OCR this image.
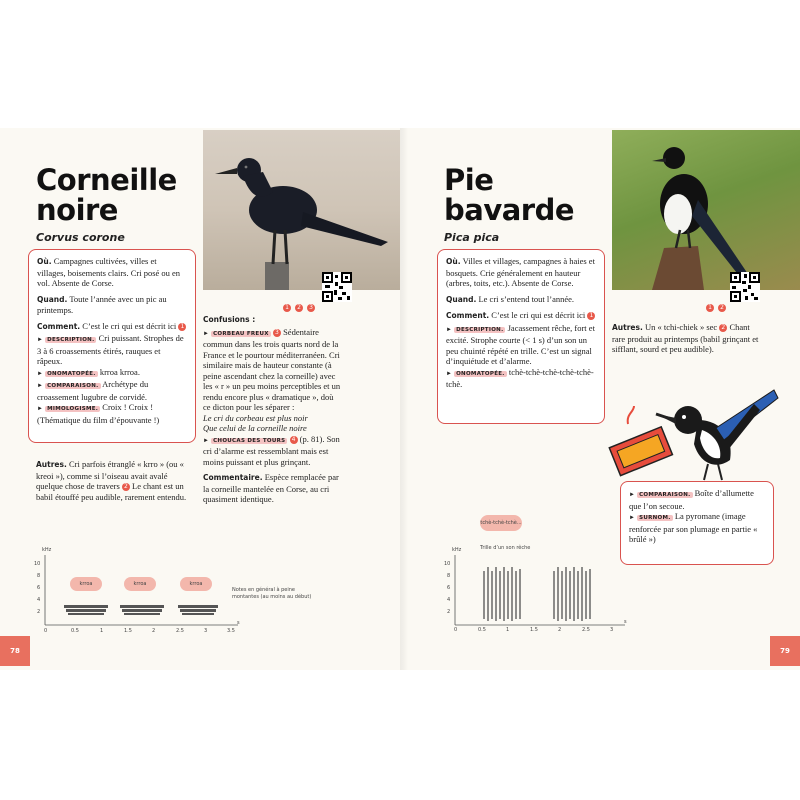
Corneille
noire
Corvus corone
1 2 3

Où. Campagnes cultivées, villes et villages, boisements clairs. Cri posé ou en vol. Absente de Corse.

Quand. Toute l’année avec un pic au printemps.

Comment. C’est le cri qui est décrit ici 1

► DESCRIPTION. Cri puissant. Strophes de 3 à 6 croassements étirés, rauques et râpeux.
► ONOMATOPÉE. krroa krroa.
► COMPARAISON. Archétype du croassement lugubre de corvidé.
► MIMOLOGISME. Croix ! Croix ! (Thématique du film d’épouvante !)
Autres. Cri parfois étranglé « krro » (ou « kreoi »), comme si l’oiseau avait avalé quelque chose de travers 2 Le chant est un babil étouffé peu audible, rarement entendu.

Confusions :

► CORBEAU FREUX 3 Sédentaire commun dans les trois quarts nord de la France et le pourtour méditerranéen. Cri similaire mais de hauteur constante (à peine ascendant chez la corneille) avec les « r » un peu moins perceptibles et un rendu encore plus « dramatique », doù ce dicton pour les séparer :

Le cri du corbeau est plus noir
Que celui de la corneille noire

► CHOUCAS DES TOURS 4 (p. 81). Son cri d’alarme est ressemblant mais est moins puissant et plus grinçant.

Commentaire. Espèce remplacée par la corneille mantelée en Corse, au cri quasiment identique.

kHz
10
8
6
4
2
0	0.5	1	1.5	2	2.5	3	3.5
s
krroa	krroa	krroa
Notes en général à peine montantes (au moins au début)
78
Pie
bavarde
Pica pica
1 2

Où. Villes et villages, campagnes à haies et bosquets. Crie généralement en hauteur (arbres, toits, etc.). Absente de Corse.

Quand. Le cri s’entend tout l’année.

Comment. C’est le cri qui est décrit ici 1

► DESCRIPTION. Jacassement rêche, fort et excité. Strophe courte (< 1 s) d’un son un peu chuinté répété en trille. C’est un signal d’inquiétude et d’alarme.
► ONOMATOPÉE. tchè-tchè-tchè-tchè-tchè-tchè.
Autres. Un « tchi-chiek » sec 2 Chant rare produit au printemps (babil grinçant et sifflant, sourd et peu audible).
► COMPARAISON. Boîte d’allumette que l’on secoue.
► SURNOM. La pyromane (image renforcée par son plumage en partie « brûlé »)
tchè-tchè-tchè...
Trille d’un son rêche
kHz
10
8
6
4
2
0	0.5	1	1.5	2	2.5	3
s
79
